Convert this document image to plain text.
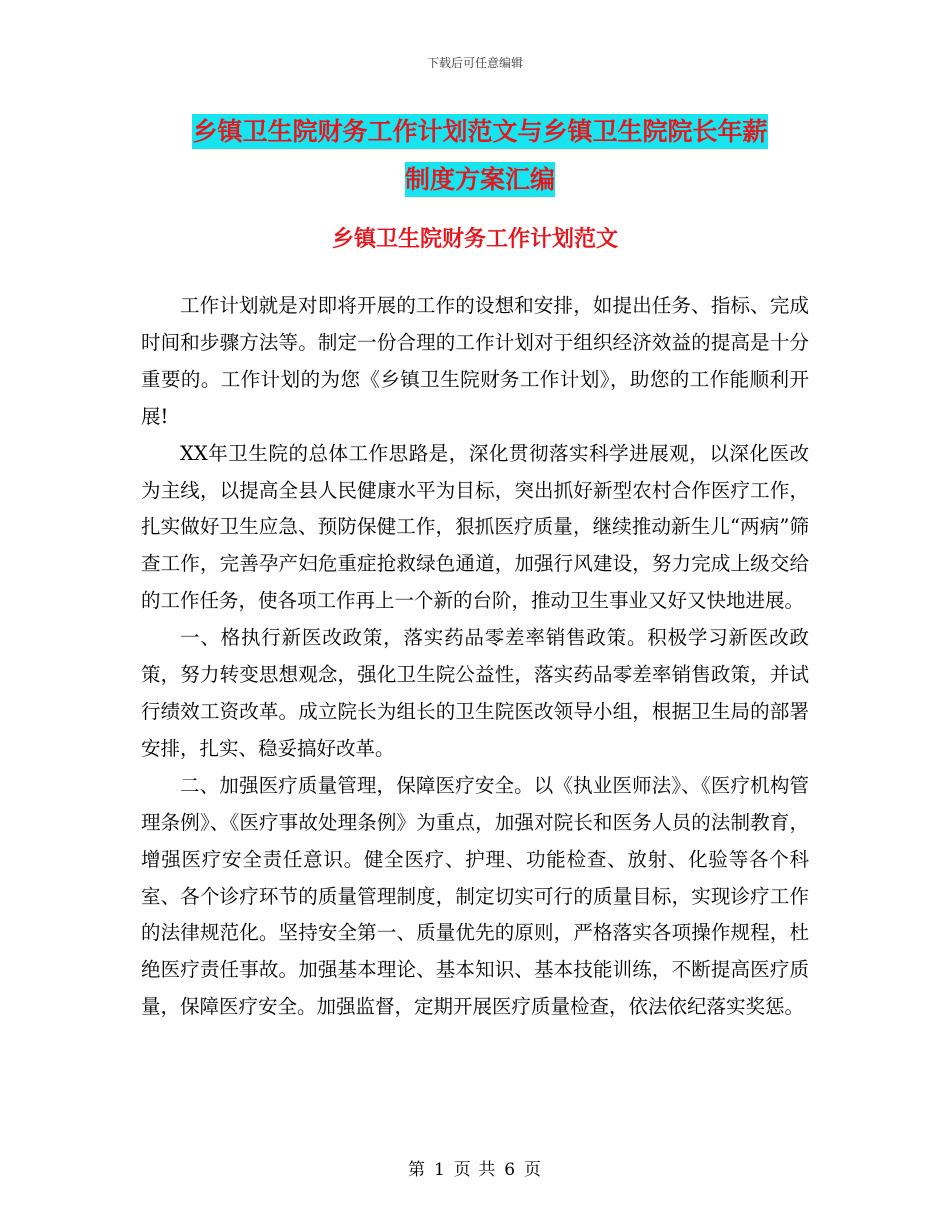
下载后可任意编辑
乡镇卫生院财务工作计划范文与乡镇卫生院院长年薪
制度方案汇编
乡镇卫生院财务工作计划范文

工作计划就是对即将开展的工作的设想和安排，如提出任务、指标、完成时间和步骤方法等。制定一份合理的工作计划对于组织经济效益的提高是十分重要的。工作计划的为您《乡镇卫生院财务工作计划》，助您的工作能顺利开展!

XX年卫生院的总体工作思路是，深化贯彻落实科学进展观，以深化医改为主线，以提高全县人民健康水平为目标，突出抓好新型农村合作医疗工作，扎实做好卫生应急、预防保健工作，狠抓医疗质量，继续推动新生儿“两病”筛查工作，完善孕产妇危重症抢救绿色通道，加强行风建设，努力完成上级交给的工作任务，使各项工作再上一个新的台阶，推动卫生事业又好又快地进展。

一、格执行新医改政策，落实药品零差率销售政策。积极学习新医改政策，努力转变思想观念，强化卫生院公益性，落实药品零差率销售政策，并试行绩效工资改革。成立院长为组长的卫生院医改领导小组，根据卫生局的部署安排，扎实、稳妥搞好改革。

二、加强医疗质量管理，保障医疗安全。以《执业医师法》、《医疗机构管理条例》、《医疗事故处理条例》为重点，加强对院长和医务人员的法制教育，增强医疗安全责任意识。健全医疗、护理、功能检查、放射、化验等各个科室、各个诊疗环节的质量管理制度，制定切实可行的质量目标，实现诊疗工作的法律规范化。坚持安全第一、质量优先的原则，严格落实各项操作规程，杜绝医疗责任事故。加强基本理论、基本知识、基本技能训练，不断提高医疗质量，保障医疗安全。加强监督，定期开展医疗质量检查，依法依纪落实奖惩。

第 1 页 共 6 页
